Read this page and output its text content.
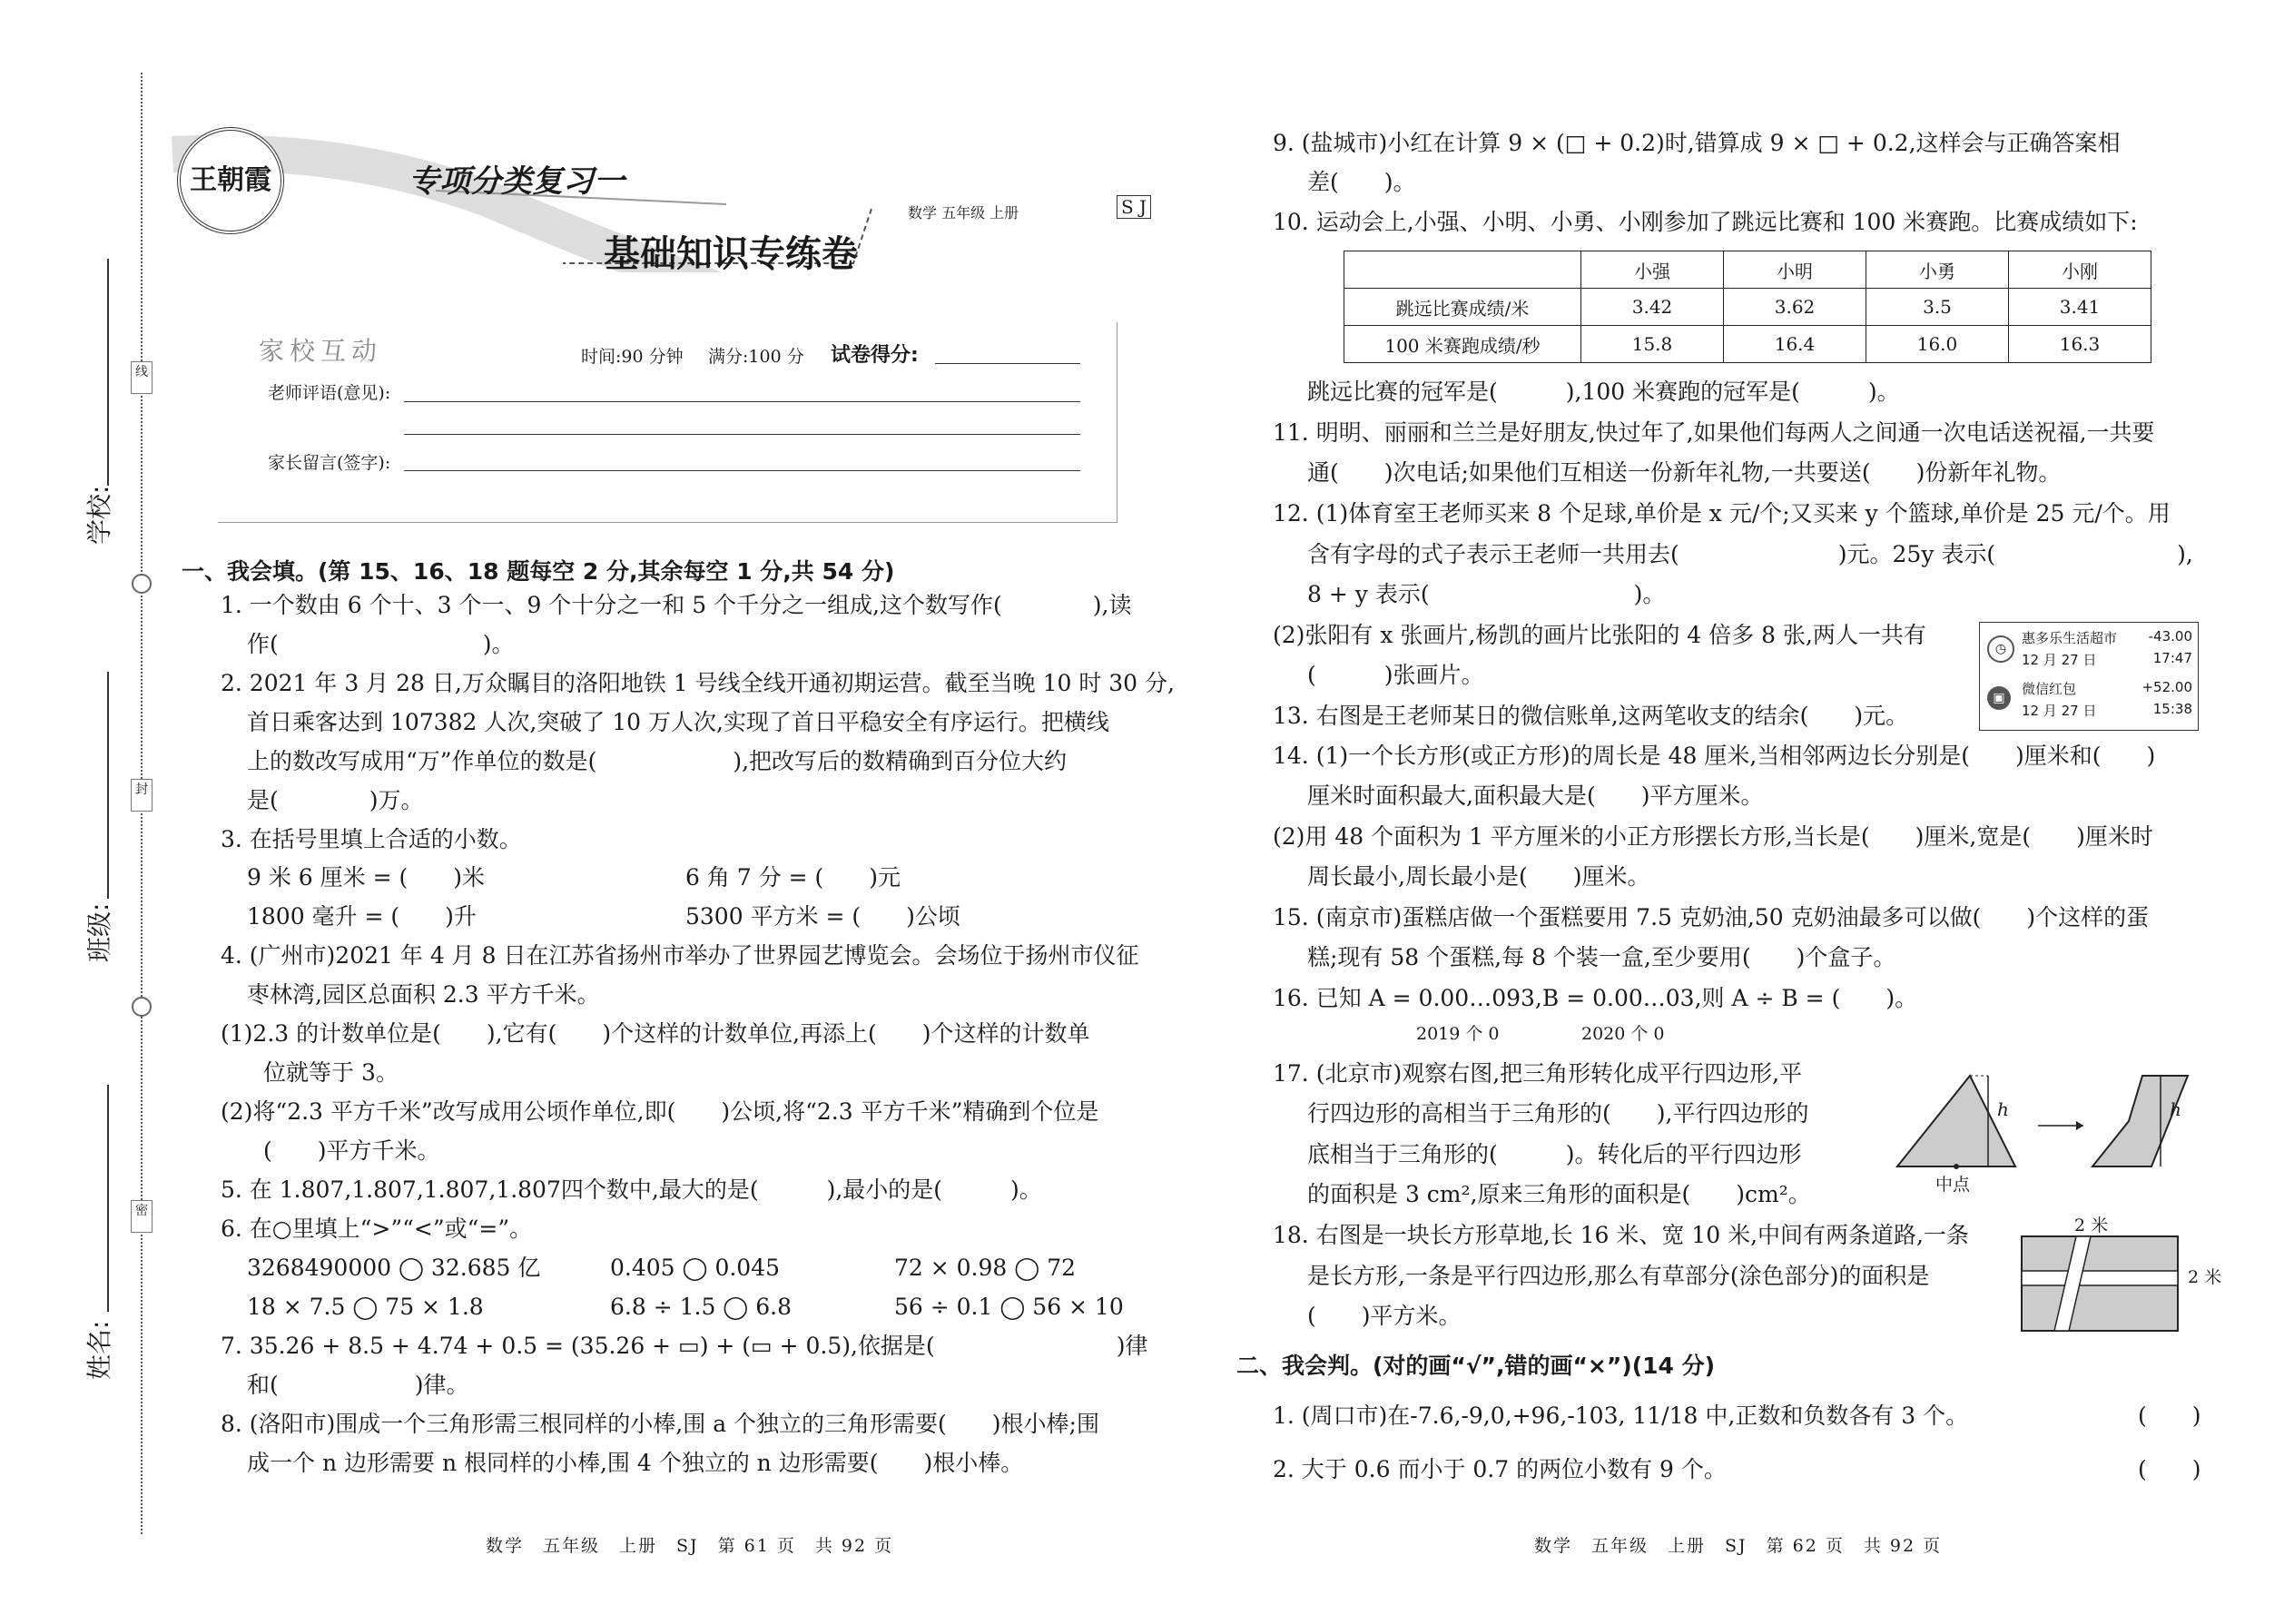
线
封
密
学校:
班级:
姓名:
王朝霞	专项分类复习一
数学 五年级 上册	S J
基础知识专练卷
家校互动	时间:90 分钟 满分:100 分 试卷得分:
老师评语(意见):
家长留言(签字):
一、我会填。(第 15、16、18 题每空 2 分,其余每空 1 分,共 54 分)
1. 一个数由 6 个十、3 个一、9 个十分之一和 5 个千分之一组成,这个数写作(　　　　),读
作(　　　　　　　　　)。
2. 2021 年 3 月 28 日,万众瞩目的洛阳地铁 1 号线全线开通初期运营。截至当晚 10 时 30 分,
首日乘客达到 107382 人次,突破了 10 万人次,实现了首日平稳安全有序运行。把横线
上的数改写成用“万”作单位的数是(　　　　　　),把改写后的数精确到百分位大约
是(　　　　)万。
3. 在括号里填上合适的小数。
9 米 6 厘米 = (　　)米	6 角 7 分 = (　　)元
1800 毫升 = (　　)升	5300 平方米 = (　　)公顷
4. (广州市)2021 年 4 月 8 日在江苏省扬州市举办了世界园艺博览会。会场位于扬州市仪征
枣林湾,园区总面积 2.3 平方千米。
(1)2.3 的计数单位是(　　),它有(　　)个这样的计数单位,再添上(　　)个这样的计数单
位就等于 3。
(2)将“2.3 平方千米”改写成用公顷作单位,即(　　)公顷,将“2.3 平方千米”精确到个位是
(　　)平方千米。
5. 在 1.807,1.807,1.807,1.807四个数中,最大的是(　　　),最小的是(　　　)。
6. 在○里填上“>”“<”或“=”。
3268490000 ◯ 32.685 亿	0.405 ◯ 0.045	72 × 0.98 ◯ 72
18 × 7.5 ◯ 75 × 1.8	6.8 ÷ 1.5 ◯ 6.8	56 ÷ 0.1 ◯ 56 × 10
7. 35.26 + 8.5 + 4.74 + 0.5 = (35.26 + ▭) + (▭ + 0.5),依据是(　　　　　　　　)律
和(　　　　　　)律。
8. (洛阳市)围成一个三角形需三根同样的小棒,围 a 个独立的三角形需要(　　)根小棒;围
成一个 n 边形需要 n 根同样的小棒,围 4 个独立的 n 边形需要(　　)根小棒。
数学　五年级　上册　SJ　第 61 页　共 92 页
9. (盐城市)小红在计算 9 × (□ + 0.2)时,错算成 9 × □ + 0.2,这样会与正确答案相
差(　　)。
10. 运动会上,小强、小明、小勇、小刚参加了跳远比赛和 100 米赛跑。比赛成绩如下:
	小强	小明	小勇	小刚
跳远比赛成绩/米	3.42	3.62	3.5	3.41
100 米赛跑成绩/秒	15.8	16.4	16.0	16.3
跳远比赛的冠军是(　　　),100 米赛跑的冠军是(　　　)。
11. 明明、丽丽和兰兰是好朋友,快过年了,如果他们每两人之间通一次电话送祝福,一共要
通(　　)次电话;如果他们互相送一份新年礼物,一共要送(　　)份新年礼物。
12. (1)体育室王老师买来 8 个足球,单价是 x 元/个;又买来 y 个篮球,单价是 25 元/个。用
含有字母的式子表示王老师一共用去(　　　　　　　)元。25y 表示(　　　　　　　　),
8 + y 表示(　　　　　　　　　)。
(2)张阳有 x 张画片,杨凯的画片比张阳的 4 倍多 8 张,两人一共有
(　　　)张画片。
13. 右图是王老师某日的微信账单,这两笔收支的结余(　　)元。
◷
惠多乐生活超市 -43.00
12 月 27 日	17:47
▣
微信红包	+52.00
12 月 27 日	15:38
14. (1)一个长方形(或正方形)的周长是 48 厘米,当相邻两边长分别是(　　)厘米和(　　)
厘米时面积最大,面积最大是(　　)平方厘米。
(2)用 48 个面积为 1 平方厘米的小正方形摆长方形,当长是(　　)厘米,宽是(　　)厘米时
周长最小,周长最小是(　　)厘米。
15. (南京市)蛋糕店做一个蛋糕要用 7.5 克奶油,50 克奶油最多可以做(　　)个这样的蛋
糕;现有 58 个蛋糕,每 8 个装一盒,至少要用(　　)个盒子。
16. 已知 A = 0.00…093,B = 0.00…03,则 A ÷ B = (　　)。
2019 个 0	2020 个 0
17. (北京市)观察右图,把三角形转化成平行四边形,平
行四边形的高相当于三角形的(　　),平行四边形的
底相当于三角形的(　　　)。转化后的平行四边形
的面积是 3 cm²,原来三角形的面积是(　　)cm²。
h	h
中点
18. 右图是一块长方形草地,长 16 米、宽 10 米,中间有两条道路,一条
是长方形,一条是平行四边形,那么有草部分(涂色部分)的面积是
(　　)平方米。
2 米
2 米
二、我会判。(对的画“√”,错的画“×”)(14 分)
1. (周口市)在-7.6,-9,0,+96,-103, 11/18 中,正数和负数各有 3 个。	(　　)
2. 大于 0.6 而小于 0.7 的两位小数有 9 个。	(　　)
数学　五年级　上册　SJ　第 62 页　共 92 页
